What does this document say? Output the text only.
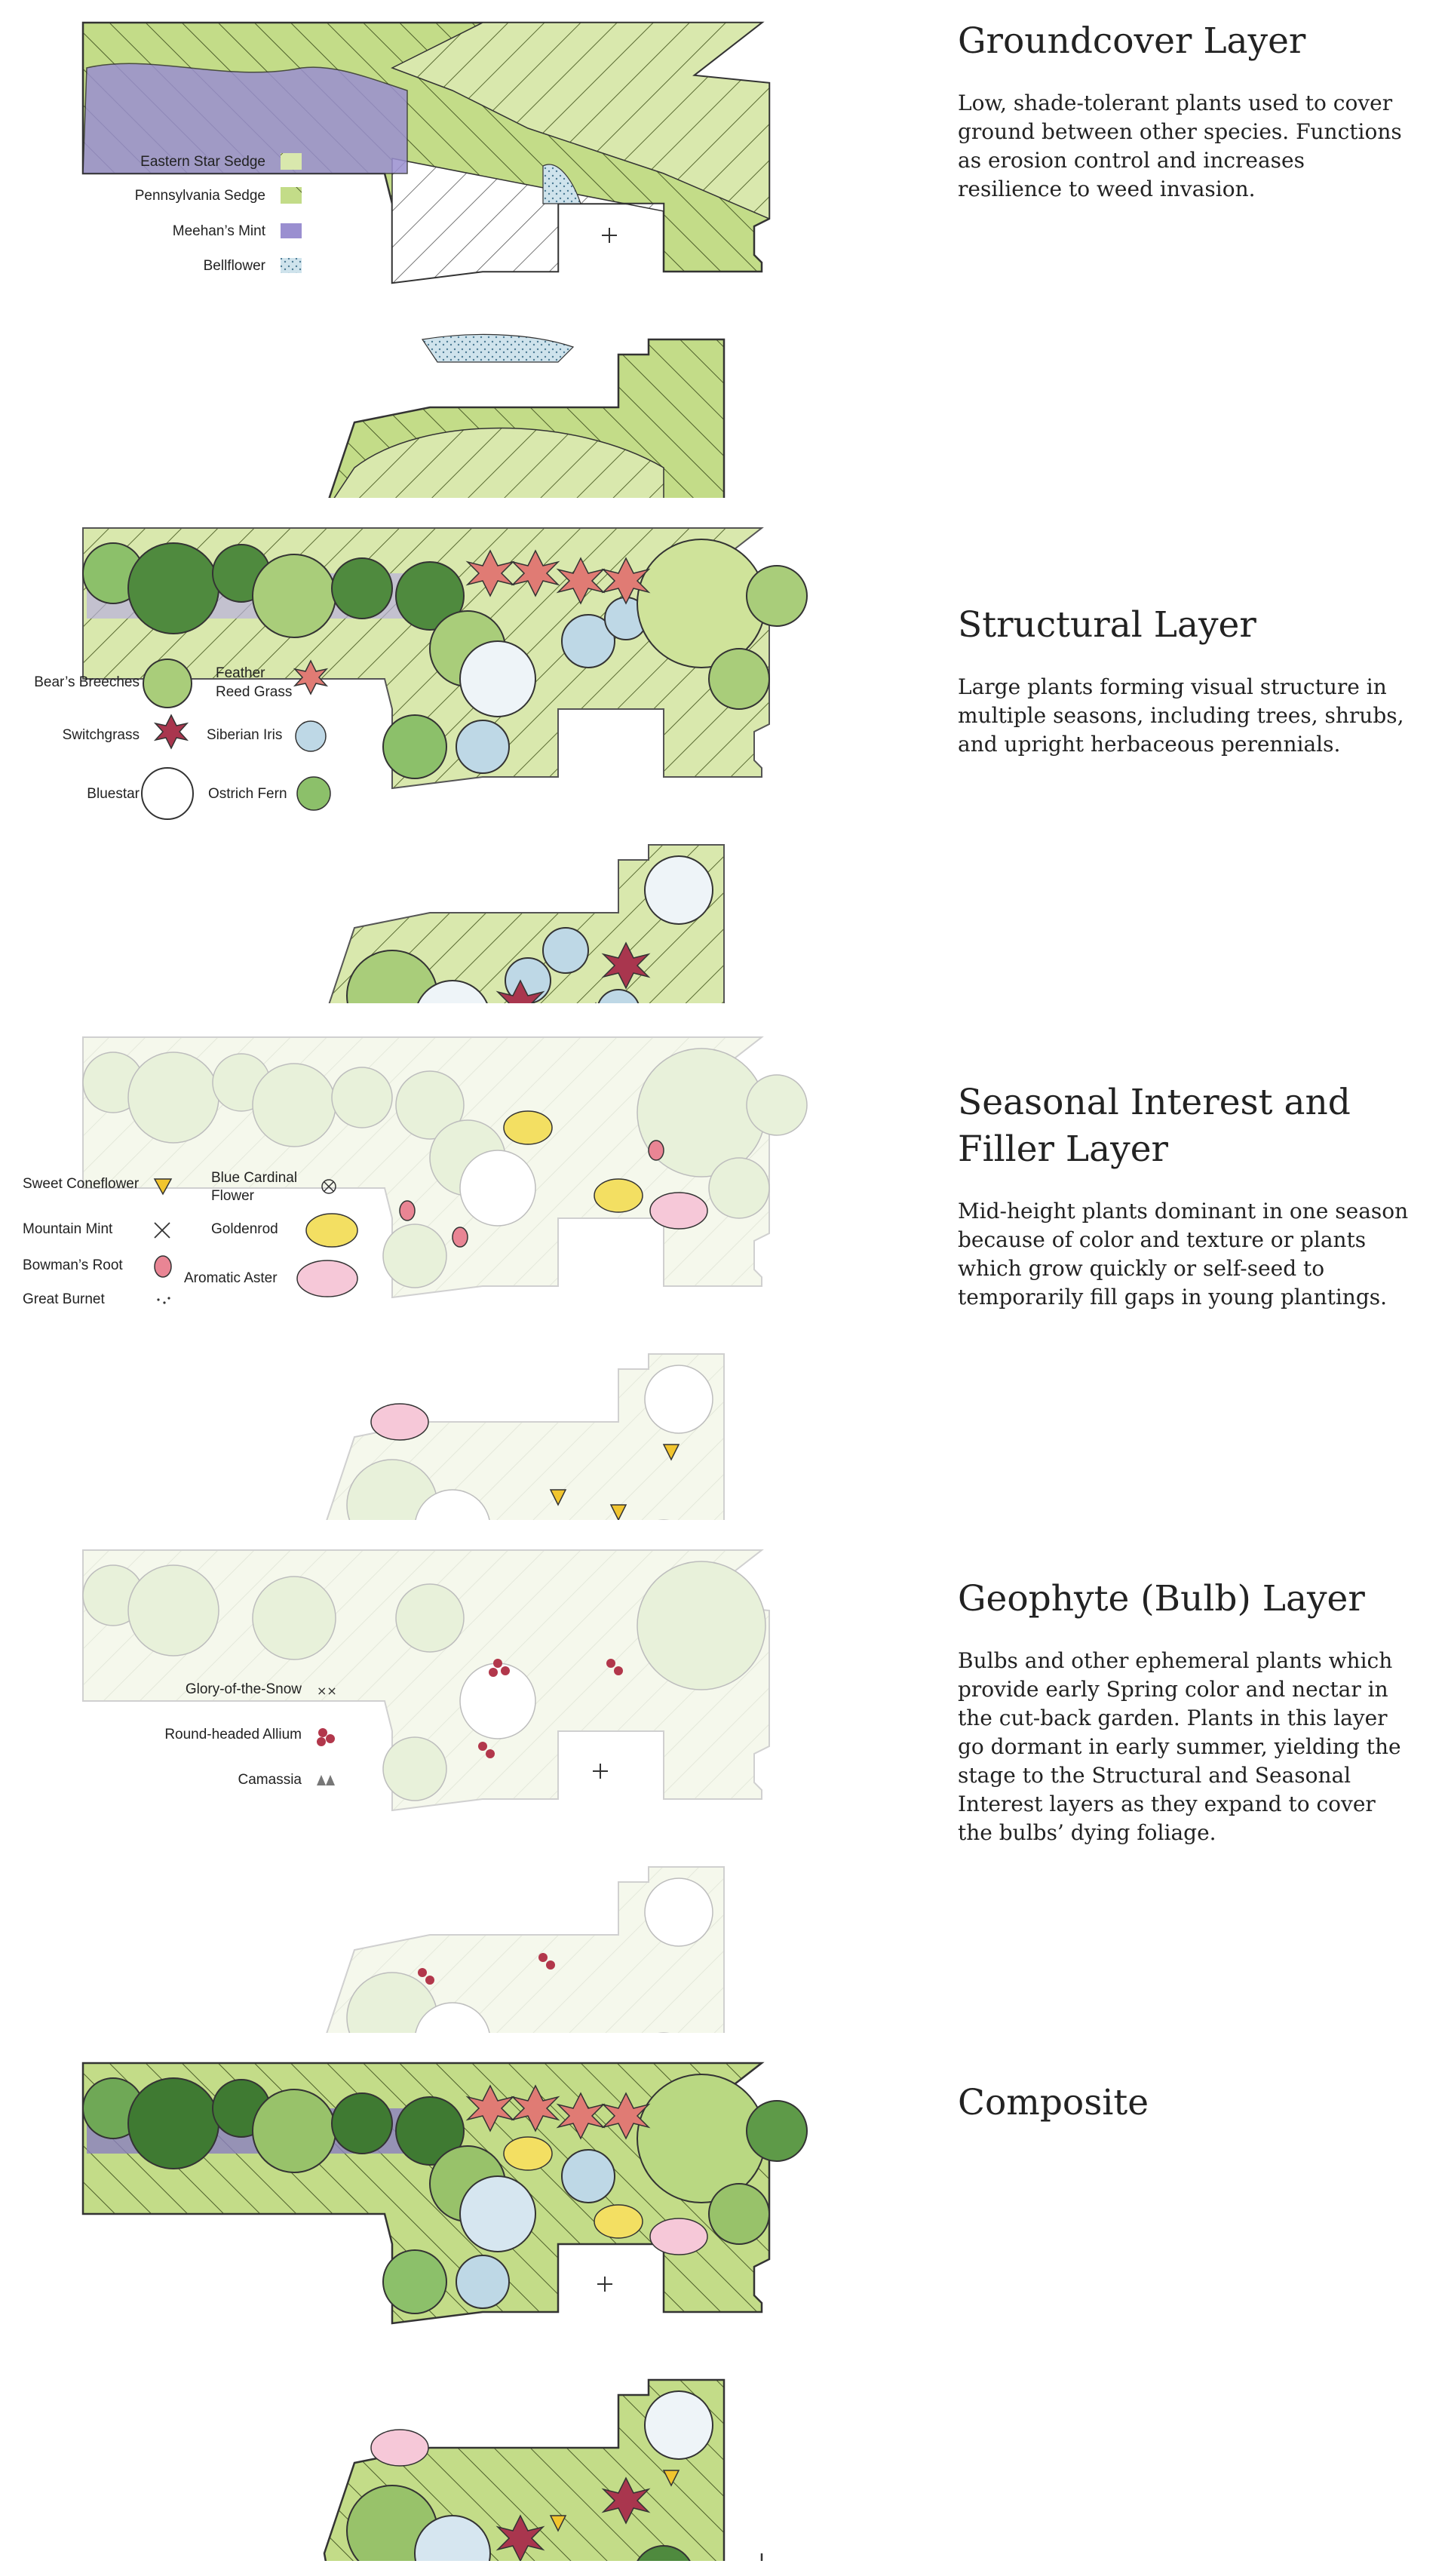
Eastern Star Sedge
Pennsylvania Sedge
Meehan’s Mint
Bellflower
Groundcover Layer

Low, shade-tolerant plants used to cover ground between other species. Functions as erosion control and increases resilience to weed invasion.

Bear’s Breeches
Feather
Reed Grass
Switchgrass	Siberian Iris
Bluestar	Ostrich Fern
Structural Layer

Large plants forming visual structure in multiple seasons, including trees, shrubs, and upright herbaceous perennials.

Sweet Coneflower	Blue Cardinal
Flower
Mountain Mint	Goldenrod
Bowman’s Root
Aromatic Aster
Great Burnet
Seasonal Interest and
Filler Layer

Mid-height plants dominant in one season because of color and texture or plants which grow quickly or self-seed to temporarily fill gaps in young plantings.

Glory-of-the-Snow ××
Round-headed Allium
Camassia
Geophyte (Bulb) Layer

Bulbs and other ephemeral plants which provide early Spring color and nectar in the cut-back garden. Plants in this layer go dormant in early summer, yielding the stage to the Structural and Seasonal Interest layers as they expand to cover the bulbs’ dying foliage.

Composite
